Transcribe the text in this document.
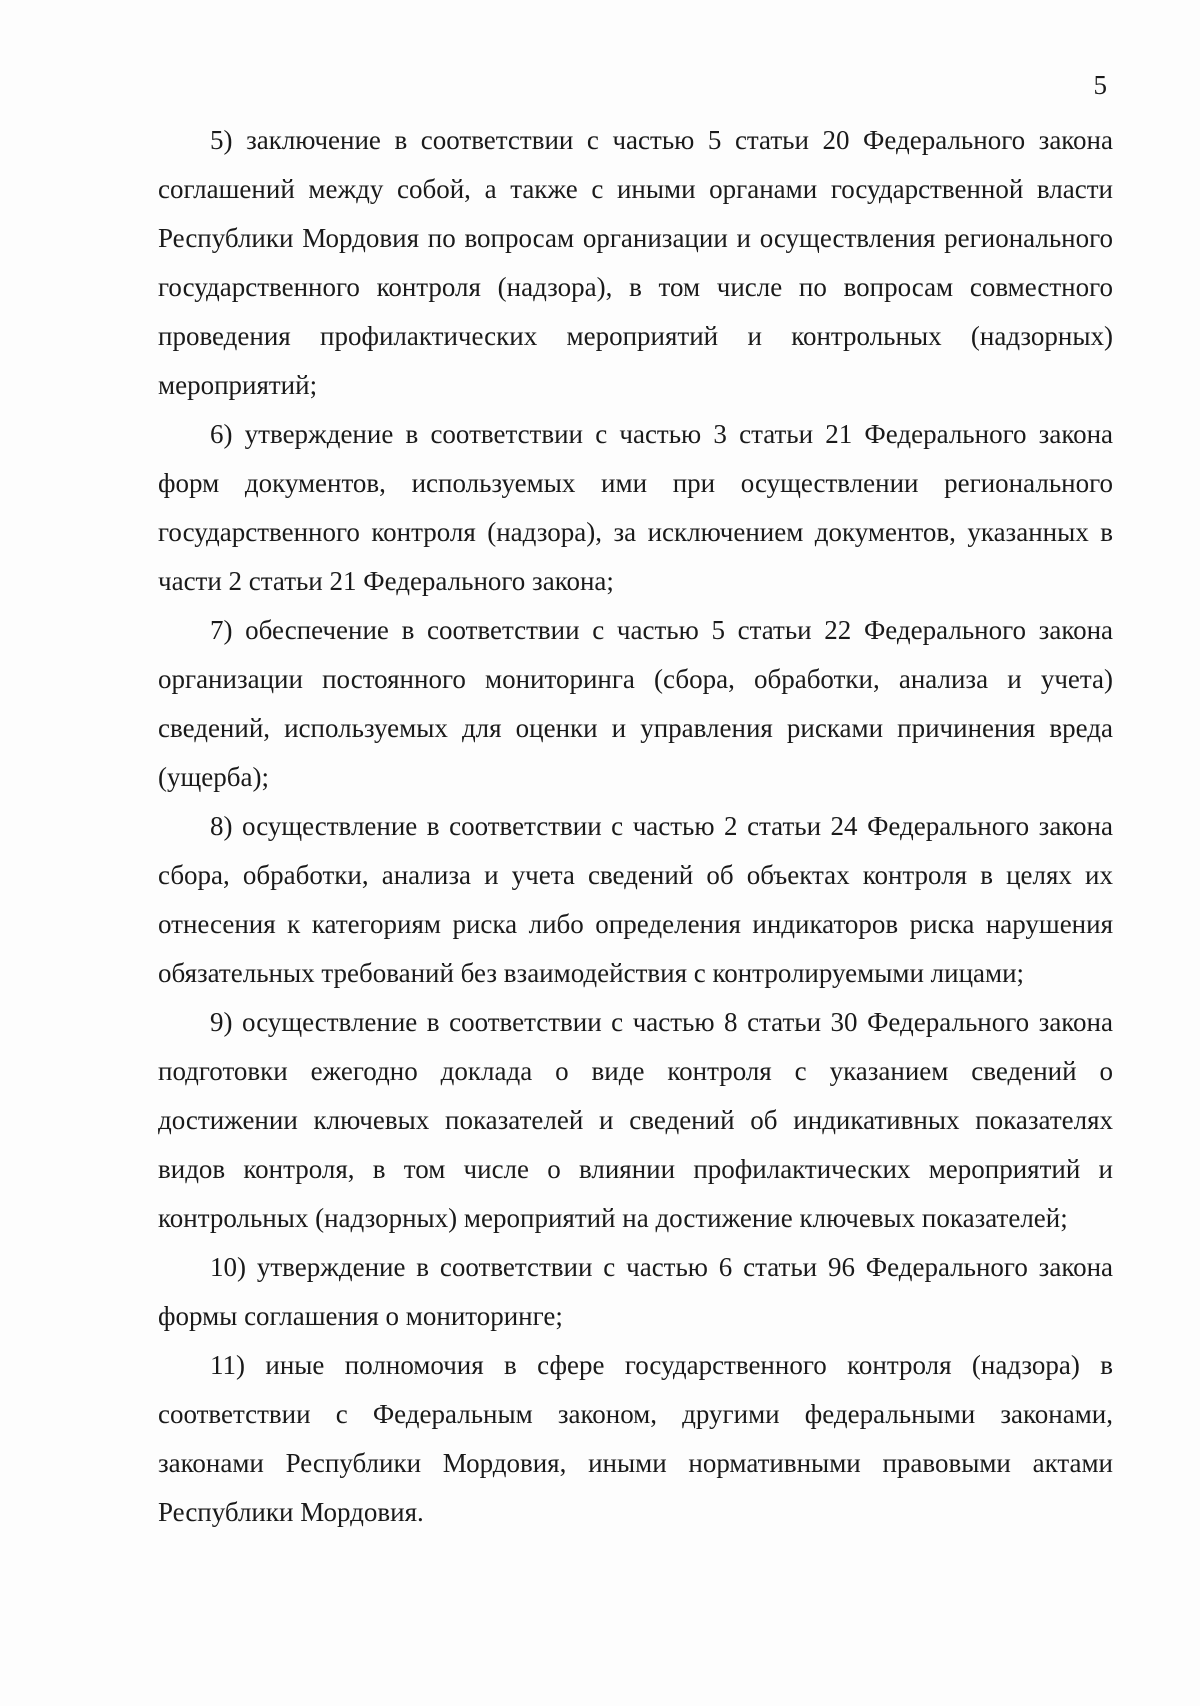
5

5) заключение в соответствии с частью 5 статьи 20 Федерального закона соглашений между собой, а также с иными органами государственной власти Республики Мордовия по вопросам организации и осуществления регионального государственного контроля (надзора), в том числе по вопросам совместного проведения профилактических мероприятий и контрольных (надзорных) мероприятий;

6) утверждение в соответствии с частью 3 статьи 21 Федерального закона форм документов, используемых ими при осуществлении регионального государственного контроля (надзора), за исключением документов, указанных в части 2 статьи 21 Федерального закона;

7) обеспечение в соответствии с частью 5 статьи 22 Федерального закона организации постоянного мониторинга (сбора, обработки, анализа и учета) сведений, используемых для оценки и управления рисками причинения вреда (ущерба);

8) осуществление в соответствии с частью 2 статьи 24 Федерального закона сбора, обработки, анализа и учета сведений об объектах контроля в целях их отнесения к категориям риска либо определения индикаторов риска нарушения обязательных требований без взаимодействия с контролируемыми лицами;

9) осуществление в соответствии с частью 8 статьи 30 Федерального закона подготовки ежегодно доклада о виде контроля с указанием сведений о достижении ключевых показателей и сведений об индикативных показателях видов контроля, в том числе о влиянии профилактических мероприятий и контрольных (надзорных) мероприятий на достижение ключевых показателей;

10) утверждение в соответствии с частью 6 статьи 96 Федерального закона формы соглашения о мониторинге;

11) иные полномочия в сфере государственного контроля (надзора) в соответствии с Федеральным законом, другими федеральными законами, законами Республики Мордовия, иными нормативными правовыми актами Республики Мордовия.
